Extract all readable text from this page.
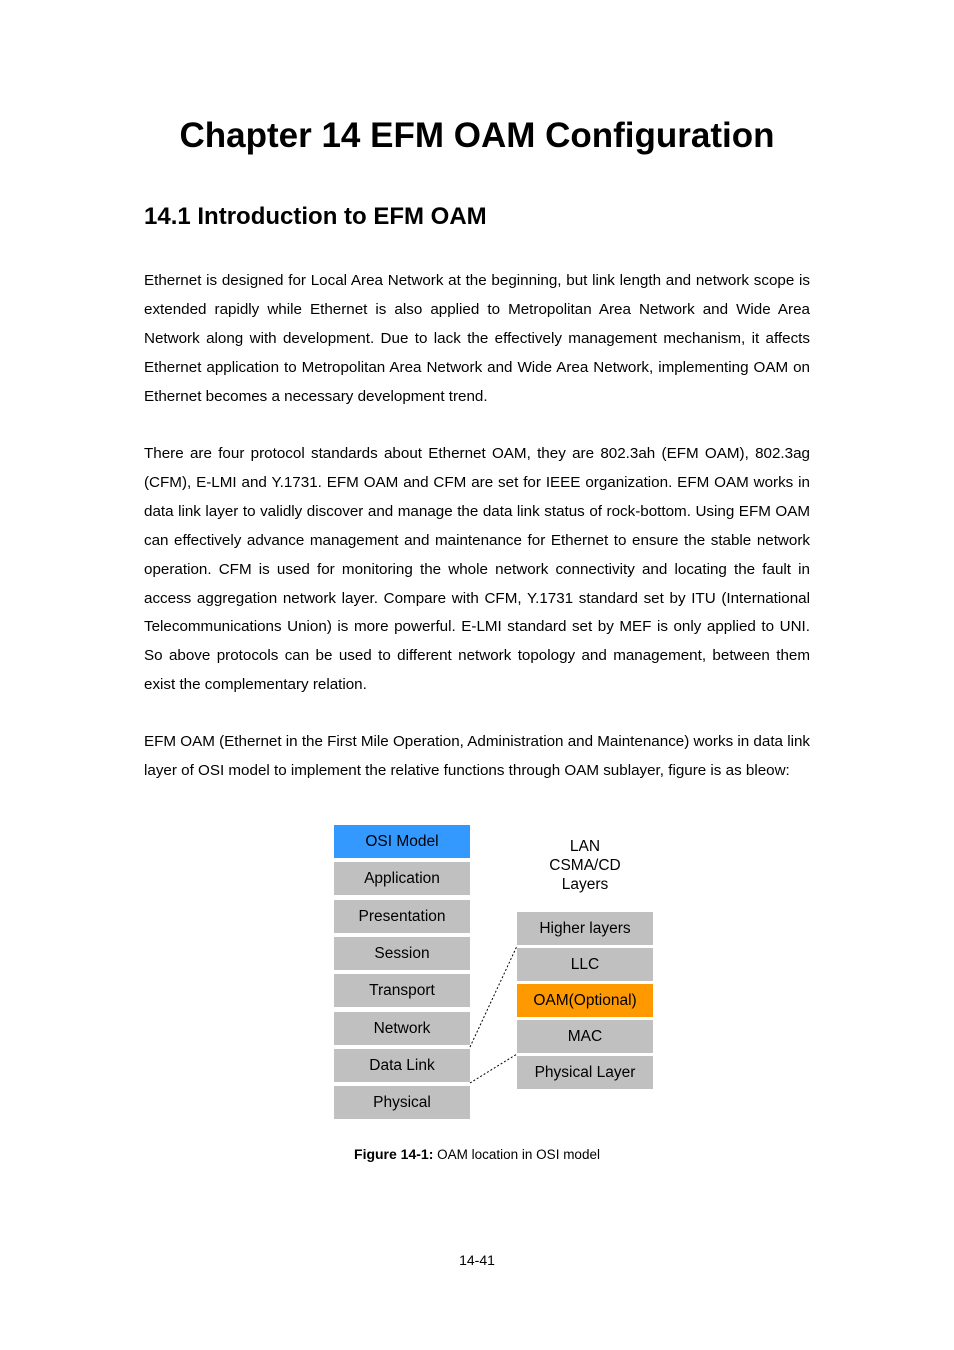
Chapter 14 EFM OAM Configuration
14.1 Introduction to EFM OAM

Ethernet is designed for Local Area Network at the beginning, but link length and network scope is extended rapidly while Ethernet is also applied to Metropolitan Area Network and Wide Area Network along with development. Due to lack the effectively management mechanism, it affects Ethernet application to Metropolitan Area Network and Wide Area Network, implementing OAM on Ethernet becomes a necessary development trend.

There are four protocol standards about Ethernet OAM, they are 802.3ah (EFM OAM), 802.3ag (CFM), E-LMI and Y.1731. EFM OAM and CFM are set for IEEE organization. EFM OAM works in data link layer to validly discover and manage the data link status of rock-bottom. Using EFM OAM can effectively advance management and maintenance for Ethernet to ensure the stable network operation. CFM is used for monitoring the whole network connectivity and locating the fault in access aggregation network layer. Compare with CFM, Y.1731 standard set by ITU (International Telecommunications Union) is more powerful. E-LMI standard set by MEF is only applied to UNI. So above protocols can be used to different network topology and management, between them exist the complementary relation.

EFM OAM (Ethernet in the First Mile Operation, Administration and Maintenance) works in data link layer of OSI model to implement the relative functions through OAM sublayer, figure is as bleow:

OSI Model
Application
Presentation
Session
Transport
Network
Data Link
Physical
LAN
CSMA/CD
Layers
Higher layers
LLC
OAM(Optional)
MAC
Physical Layer
Figure 14-1: OAM location in OSI model
14-41
